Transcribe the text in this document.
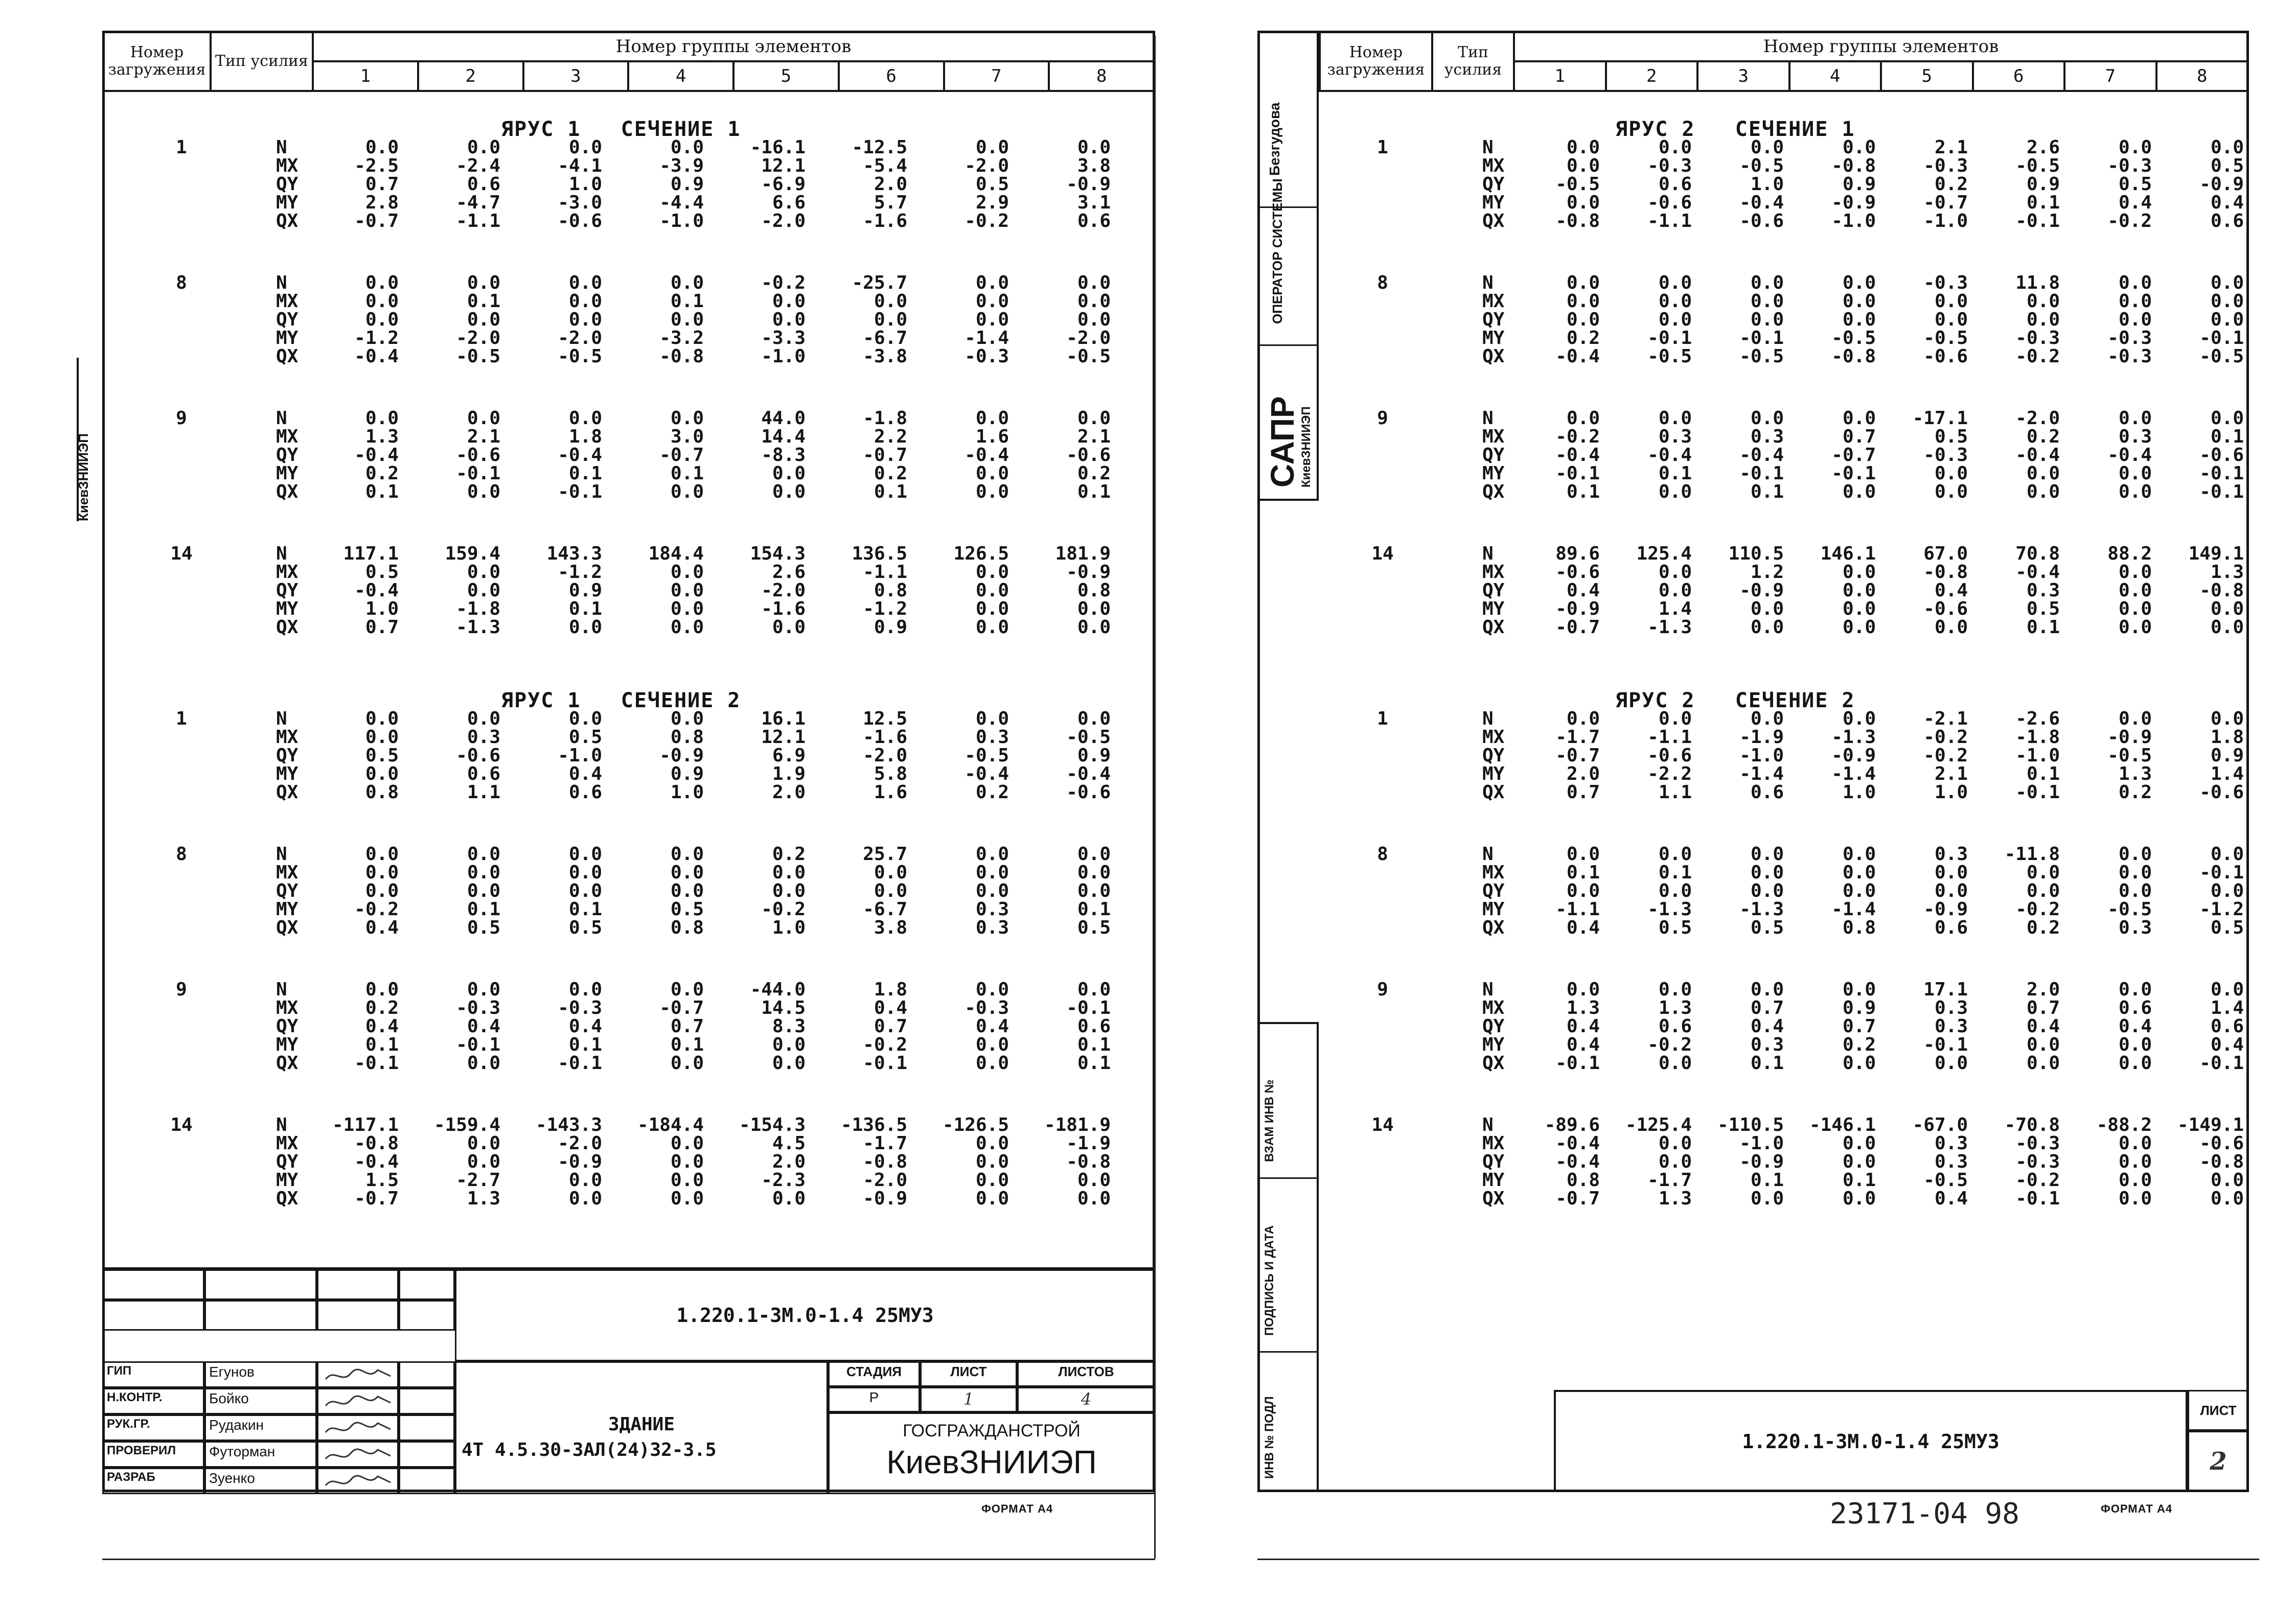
Номер загружения	Тип усилия	Номер группы элементов							
		1	2	3	4	5	6	7	8
ЯРУС 1   СЕЧЕНИЕ 1
1	N	0.0	0.0	0.0	0.0	-16.1	-12.5	0.0	0.0
MX	-2.5	-2.4	-4.1	-3.9	12.1	-5.4	-2.0	3.8
QY	0.7	0.6	1.0	0.9	-6.9	2.0	0.5	-0.9
MY	2.8	-4.7	-3.0	-4.4	6.6	5.7	2.9	3.1
QX	-0.7	-1.1	-0.6	-1.0	-2.0	-1.6	-0.2	0.6
8	N	0.0	0.0	0.0	0.0	-0.2	-25.7	0.0	0.0
MX	0.0	0.1	0.0	0.1	0.0	0.0	0.0	0.0
QY	0.0	0.0	0.0	0.0	0.0	0.0	0.0	0.0
MY	-1.2	-2.0	-2.0	-3.2	-3.3	-6.7	-1.4	-2.0
QX	-0.4	-0.5	-0.5	-0.8	-1.0	-3.8	-0.3	-0.5
9	N	0.0	0.0	0.0	0.0	44.0	-1.8	0.0	0.0
MX	1.3	2.1	1.8	3.0	14.4	2.2	1.6	2.1
QY	-0.4	-0.6	-0.4	-0.7	-8.3	-0.7	-0.4	-0.6
MY	0.2	-0.1	0.1	0.1	0.0	0.2	0.0	0.2
QX	0.1	0.0	-0.1	0.0	0.0	0.1	0.0	0.1
14	N	117.1	159.4	143.3	184.4	154.3	136.5	126.5	181.9
MX	0.5	0.0	-1.2	0.0	2.6	-1.1	0.0	-0.9
QY	-0.4	0.0	0.9	0.0	-2.0	0.8	0.0	0.8
MY	1.0	-1.8	0.1	0.0	-1.6	-1.2	0.0	0.0
QX	0.7	-1.3	0.0	0.0	0.0	0.9	0.0	0.0
ЯРУС 1   СЕЧЕНИЕ 2
1	N	0.0	0.0	0.0	0.0	16.1	12.5	0.0	0.0
MX	0.0	0.3	0.5	0.8	12.1	-1.6	0.3	-0.5
QY	0.5	-0.6	-1.0	-0.9	6.9	-2.0	-0.5	0.9
MY	0.0	0.6	0.4	0.9	1.9	5.8	-0.4	-0.4
QX	0.8	1.1	0.6	1.0	2.0	1.6	0.2	-0.6
8	N	0.0	0.0	0.0	0.0	0.2	25.7	0.0	0.0
MX	0.0	0.0	0.0	0.0	0.0	0.0	0.0	0.0
QY	0.0	0.0	0.0	0.0	0.0	0.0	0.0	0.0
MY	-0.2	0.1	0.1	0.5	-0.2	-6.7	0.3	0.1
QX	0.4	0.5	0.5	0.8	1.0	3.8	0.3	0.5
9	N	0.0	0.0	0.0	0.0	-44.0	1.8	0.0	0.0
MX	0.2	-0.3	-0.3	-0.7	14.5	0.4	-0.3	-0.1
QY	0.4	0.4	0.4	0.7	8.3	0.7	0.4	0.6
MY	0.1	-0.1	0.1	0.1	0.0	-0.2	0.0	0.1
QX	-0.1	0.0	-0.1	0.0	0.0	-0.1	0.0	0.1
14	N	-117.1	-159.4	-143.3	-184.4	-154.3	-136.5	-126.5	-181.9
MX	-0.8	0.0	-2.0	0.0	4.5	-1.7	0.0	-1.9
QY	-0.4	0.0	-0.9	0.0	2.0	-0.8	0.0	-0.8
MY	1.5	-2.7	0.0	0.0	-2.3	-2.0	0.0	0.0
QX	-0.7	1.3	0.0	0.0	0.0	-0.9	0.0	0.0
1.220.1-3М.0-1.4 25МУ3
ГИП	Егунов
Н.КОНТР.	Бойко
РУК.ГР.	Рудакин
ПРОВЕРИЛ	Футорман
РАЗРАБ	Зуенко
ЗДАНИЕ
4Т 4.5.30-3АЛ(24)32-3.5
СТАДИЯ	ЛИСТ	ЛИСТОВ
Р	1	4
ГОСГРАЖДАНСТРОЙ
КиевЗНИИЭП
ФОРМАТ А4
КиевЗНИИЭП
Безгудова
ОПЕРАТОР СИСТЕМЫ
САПР
КиевЗНИИЭП
ВЗАМ ИНВ №
ПОДПИСЬ И ДАТА
ИНВ № ПОДЛ
Номер загружения	Тип усилия	Номер группы элементов							
		1	2	3	4	5	6	7	8
ЯРУС 2   СЕЧЕНИЕ 1
1	N	0.0	0.0	0.0	0.0	2.1	2.6	0.0	0.0
MX	0.0	-0.3	-0.5	-0.8	-0.3	-0.5	-0.3	0.5
QY	-0.5	0.6	1.0	0.9	0.2	0.9	0.5	-0.9
MY	0.0	-0.6	-0.4	-0.9	-0.7	0.1	0.4	0.4
QX	-0.8	-1.1	-0.6	-1.0	-1.0	-0.1	-0.2	0.6
8	N	0.0	0.0	0.0	0.0	-0.3	11.8	0.0	0.0
MX	0.0	0.0	0.0	0.0	0.0	0.0	0.0	0.0
QY	0.0	0.0	0.0	0.0	0.0	0.0	0.0	0.0
MY	0.2	-0.1	-0.1	-0.5	-0.5	-0.3	-0.3	-0.1
QX	-0.4	-0.5	-0.5	-0.8	-0.6	-0.2	-0.3	-0.5
9	N	0.0	0.0	0.0	0.0	-17.1	-2.0	0.0	0.0
MX	-0.2	0.3	0.3	0.7	0.5	0.2	0.3	0.1
QY	-0.4	-0.4	-0.4	-0.7	-0.3	-0.4	-0.4	-0.6
MY	-0.1	0.1	-0.1	-0.1	0.0	0.0	0.0	-0.1
QX	0.1	0.0	0.1	0.0	0.0	0.0	0.0	-0.1
14	N	89.6	125.4	110.5	146.1	67.0	70.8	88.2	149.1
MX	-0.6	0.0	1.2	0.0	-0.8	-0.4	0.0	1.3
QY	0.4	0.0	-0.9	0.0	0.4	0.3	0.0	-0.8
MY	-0.9	1.4	0.0	0.0	-0.6	0.5	0.0	0.0
QX	-0.7	-1.3	0.0	0.0	0.0	0.1	0.0	0.0
ЯРУС 2   СЕЧЕНИЕ 2
1	N	0.0	0.0	0.0	0.0	-2.1	-2.6	0.0	0.0
MX	-1.7	-1.1	-1.9	-1.3	-0.2	-1.8	-0.9	1.8
QY	-0.7	-0.6	-1.0	-0.9	-0.2	-1.0	-0.5	0.9
MY	2.0	-2.2	-1.4	-1.4	2.1	0.1	1.3	1.4
QX	0.7	1.1	0.6	1.0	1.0	-0.1	0.2	-0.6
8	N	0.0	0.0	0.0	0.0	0.3	-11.8	0.0	0.0
MX	0.1	0.1	0.0	0.0	0.0	0.0	0.0	-0.1
QY	0.0	0.0	0.0	0.0	0.0	0.0	0.0	0.0
MY	-1.1	-1.3	-1.3	-1.4	-0.9	-0.2	-0.5	-1.2
QX	0.4	0.5	0.5	0.8	0.6	0.2	0.3	0.5
9	N	0.0	0.0	0.0	0.0	17.1	2.0	0.0	0.0
MX	1.3	1.3	0.7	0.9	0.3	0.7	0.6	1.4
QY	0.4	0.6	0.4	0.7	0.3	0.4	0.4	0.6
MY	0.4	-0.2	0.3	0.2	-0.1	0.0	0.0	0.4
QX	-0.1	0.0	0.1	0.0	0.0	0.0	0.0	-0.1
14	N	-89.6	-125.4	-110.5	-146.1	-67.0	-70.8	-88.2	-149.1
MX	-0.4	0.0	-1.0	0.0	0.3	-0.3	0.0	-0.6
QY	-0.4	0.0	-0.9	0.0	0.3	-0.3	0.0	-0.8
MY	0.8	-1.7	0.1	0.1	-0.5	-0.2	0.0	0.0
QX	-0.7	1.3	0.0	0.0	0.4	-0.1	0.0	0.0
1.220.1-3М.0-1.4 25МУ3
ЛИСТ
2
23171-04 98	ФОРМАТ А4
